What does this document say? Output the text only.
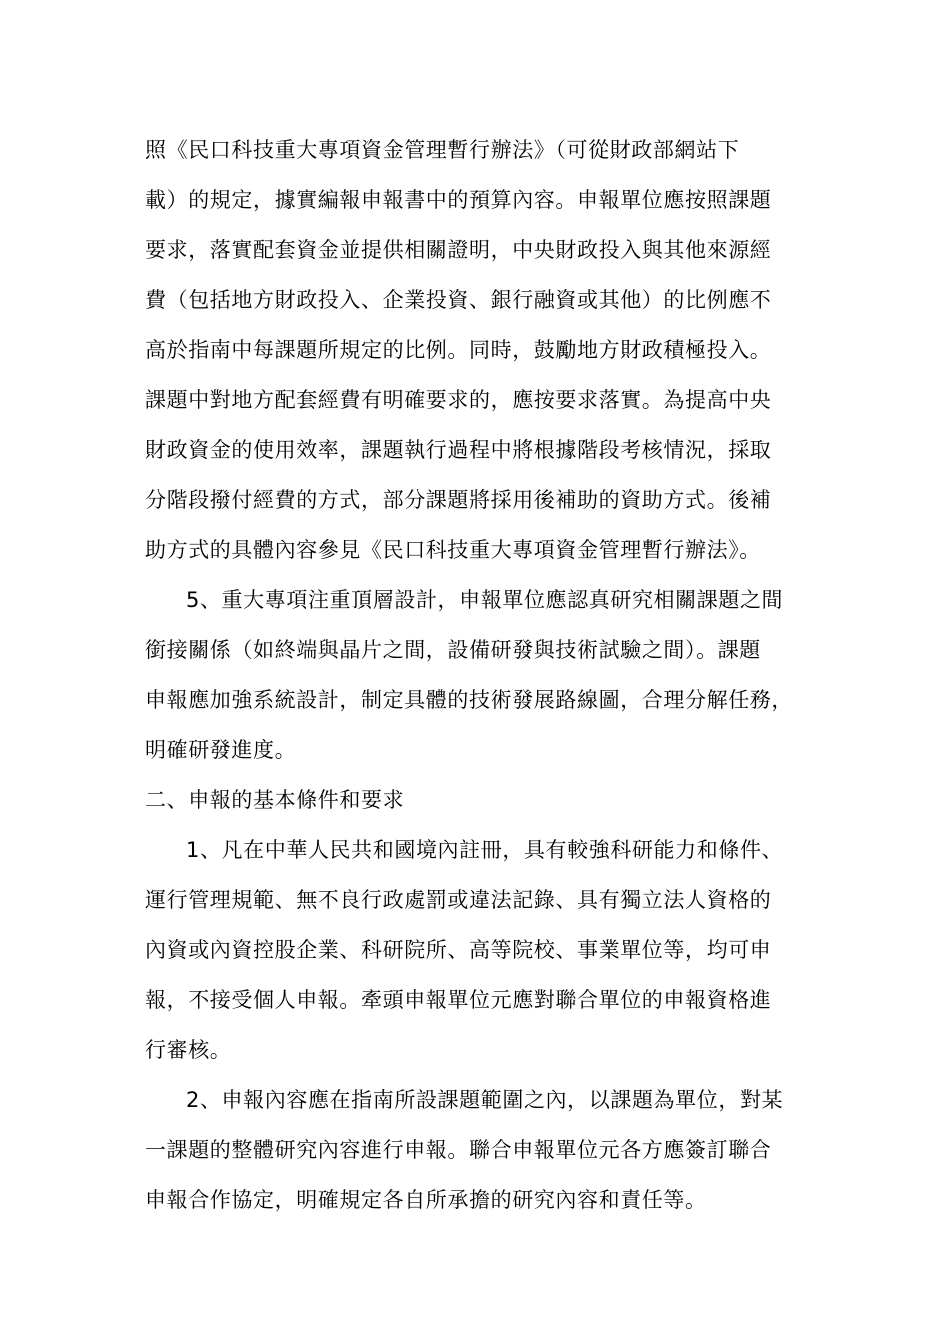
照《民口科技重大專項資金管理暫行辦法》（可從財政部網站下
載）的規定，據實編報申報書中的預算內容。申報單位應按照課題
要求，落實配套資金並提供相關證明，中央財政投入與其他來源經
費（包括地方財政投入、企業投資、銀行融資或其他）的比例應不
高於指南中每課題所規定的比例。同時，鼓勵地方財政積極投入。
課題中對地方配套經費有明確要求的，應按要求落實。為提高中央
財政資金的使用效率，課題執行過程中將根據階段考核情況，採取
分階段撥付經費的方式，部分課題將採用後補助的資助方式。後補
助方式的具體內容參見《民口科技重大專項資金管理暫行辦法》。
5、重大專項注重頂層設計，申報單位應認真研究相關課題之間
銜接關係（如終端與晶片之間，設備研發與技術試驗之間）。課題
申報應加強系統設計，制定具體的技術發展路線圖，合理分解任務，
明確研發進度。
二、申報的基本條件和要求
1、凡在中華人民共和國境內註冊，具有較強科研能力和條件、
運行管理規範、無不良行政處罰或違法記錄、具有獨立法人資格的
內資或內資控股企業、科研院所、高等院校、事業單位等，均可申
報，不接受個人申報。牽頭申報單位元應對聯合單位的申報資格進
行審核。
2、申報內容應在指南所設課題範圍之內，以課題為單位，對某
一課題的整體研究內容進行申報。聯合申報單位元各方應簽訂聯合
申報合作協定，明確規定各自所承擔的研究內容和責任等。
